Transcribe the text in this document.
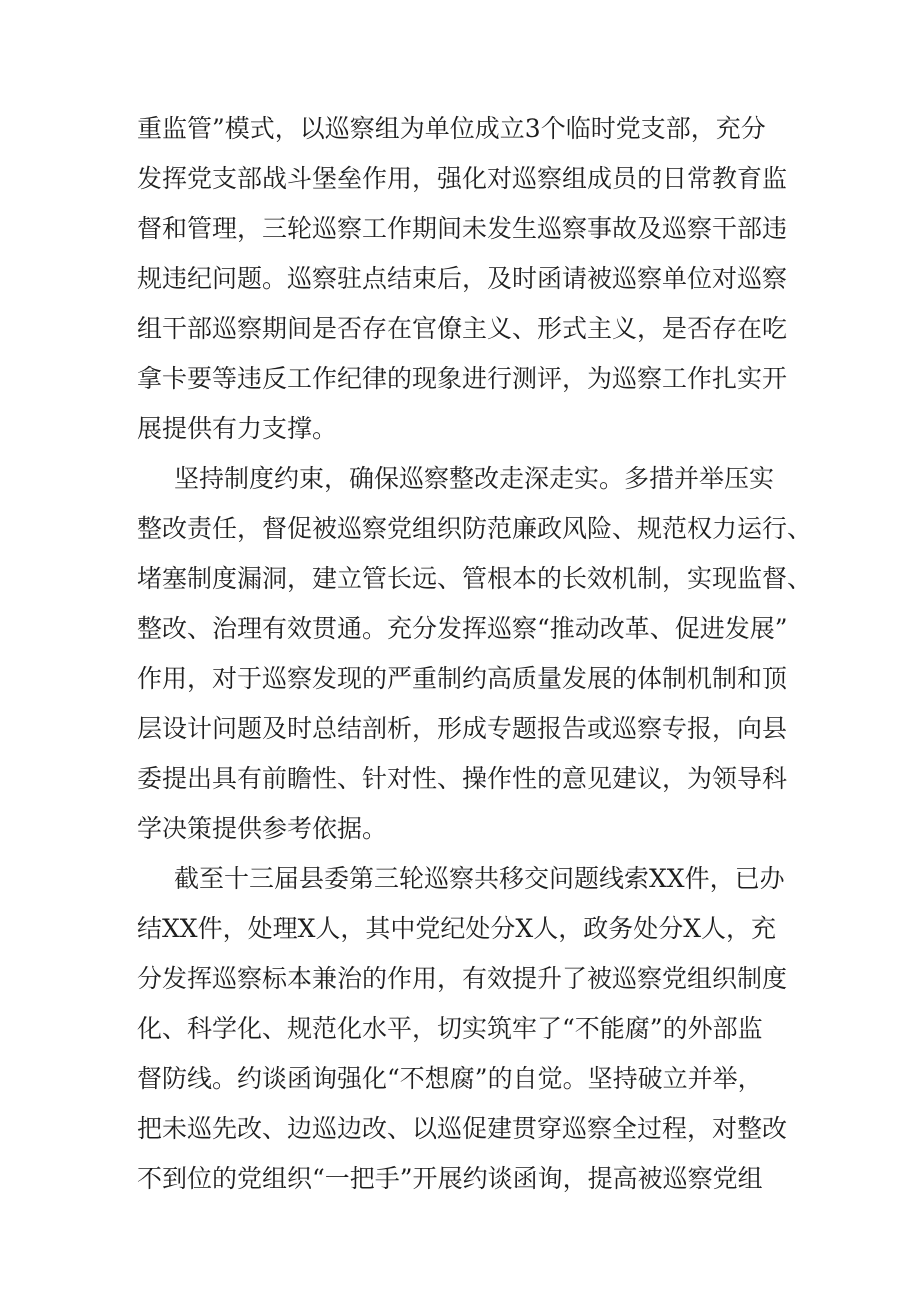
重监管”模式，以巡察组为单位成立3个临时党支部，充分
发挥党支部战斗堡垒作用，强化对巡察组成员的日常教育监
督和管理，三轮巡察工作期间未发生巡察事故及巡察干部违
规违纪问题。巡察驻点结束后，及时函请被巡察单位对巡察
组干部巡察期间是否存在官僚主义、形式主义，是否存在吃
拿卡要等违反工作纪律的现象进行测评，为巡察工作扎实开
展提供有力支撑。

坚持制度约束，确保巡察整改走深走实。多措并举压实
整改责任，督促被巡察党组织防范廉政风险、规范权力运行、
堵塞制度漏洞，建立管长远、管根本的长效机制，实现监督、
整改、治理有效贯通。充分发挥巡察“推动改革、促进发展”
作用，对于巡察发现的严重制约高质量发展的体制机制和顶
层设计问题及时总结剖析，形成专题报告或巡察专报，向县
委提出具有前瞻性、针对性、操作性的意见建议，为领导科
学决策提供参考依据。

截至十三届县委第三轮巡察共移交问题线索XX件，已办
结XX件，处理X人，其中党纪处分X人，政务处分X人，充
分发挥巡察标本兼治的作用，有效提升了被巡察党组织制度
化、科学化、规范化水平，切实筑牢了“不能腐”的外部监
督防线。约谈函询强化“不想腐”的自觉。坚持破立并举，
把未巡先改、边巡边改、以巡促建贯穿巡察全过程，对整改
不到位的党组织“一把手”开展约谈函询，提高被巡察党组
